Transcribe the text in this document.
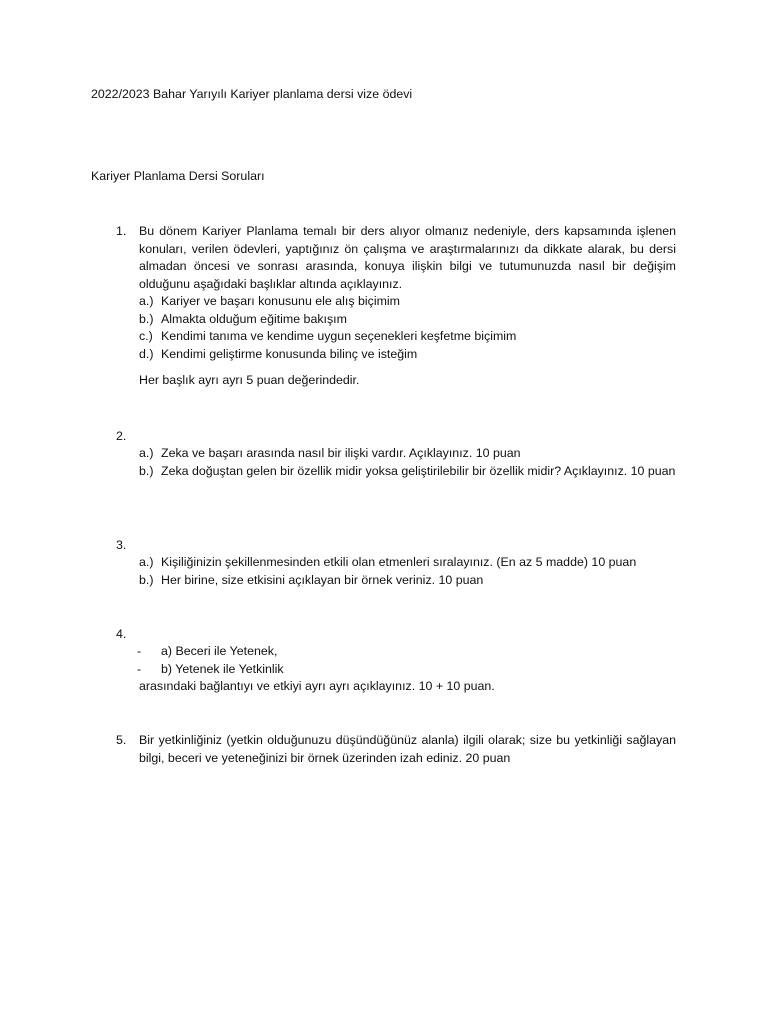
2022/2023 Bahar Yarıyılı Kariyer planlama dersi vize ödevi
Kariyer Planlama Dersi Soruları
1. Bu dönem Kariyer Planlama temalı bir ders alıyor olmanız nedeniyle, ders kapsamında işlenen konuları, verilen ödevleri, yaptığınız ön çalışma ve araştırmalarınızı da dikkate alarak, bu dersi almadan öncesi ve sonrası arasında, konuya ilişkin bilgi ve tutumunuzda nasıl bir değişim olduğunu aşağıdaki başlıklar altında açıklayınız.
a.) Kariyer ve başarı konusunu ele alış biçimim
b.) Almakta olduğum eğitime bakışım
c.) Kendimi tanıma ve kendime uygun seçenekleri keşfetme biçimim
d.) Kendimi geliştirme konusunda bilinç ve isteğim
Her başlık ayrı ayrı 5 puan değerindedir.
2.
a.) Zeka ve başarı arasında nasıl bir ilişki vardır. Açıklayınız. 10 puan
b.) Zeka doğuştan gelen bir özellik midir yoksa geliştirilebilir bir özellik midir? Açıklayınız. 10 puan
3.
a.) Kişiliğinizin şekillenmesinden etkili olan etmenleri sıralayınız. (En az 5 madde) 10 puan
b.) Her birine, size etkisini açıklayan bir örnek veriniz. 10 puan
4.
- a) Beceri ile Yetenek,
- b) Yetenek ile Yetkinlik
arasındaki bağlantıyı ve etkiyi ayrı ayrı açıklayınız. 10 + 10 puan.
5. Bir yetkinliğiniz (yetkin olduğunuzu düşündüğünüz alanla) ilgili olarak; size bu yetkinliği sağlayan bilgi, beceri ve yeteneğinizi bir örnek üzerinden izah ediniz. 20 puan
